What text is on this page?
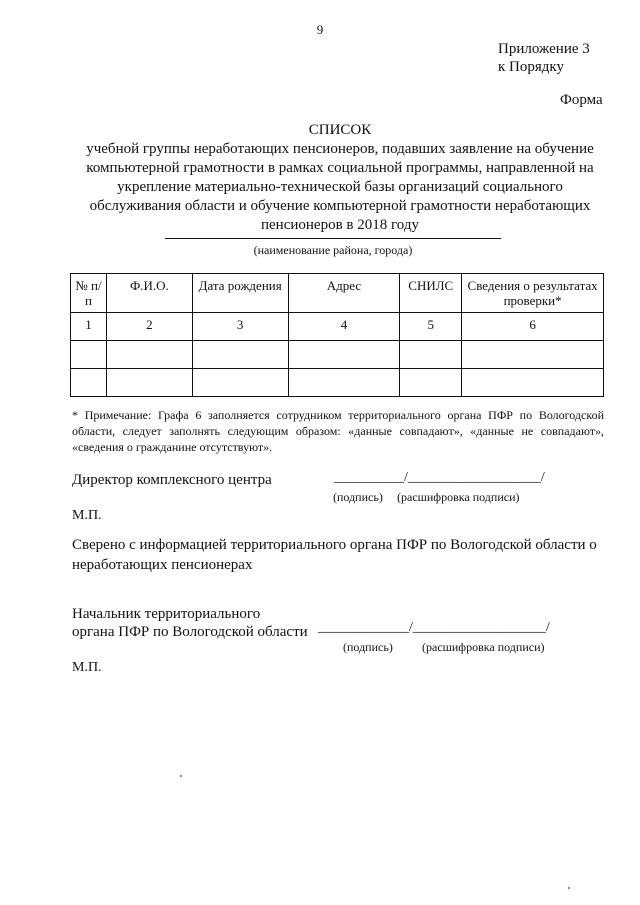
9
Приложение 3
к Порядку
Форма
СПИСОК
учебной группы неработающих пенсионеров, подавших заявление на обучение компьютерной грамотности в рамках социальной программы, направленной на укрепление материально-технической базы организаций социального обслуживания области и обучение компьютерной грамотности неработающих пенсионеров в 2018 году
(наименование района, города)
№ п/п	Ф.И.О.	Дата рождения	Адрес	СНИЛС	Сведения о результатах проверки*
1	2	3	4	5	6

* Примечание: Графа 6 заполняется сотрудником территориального органа ПФР по Вологодской области, следует заполнять следующим образом: «данные совпадают», «данные не совпадают», «сведения о гражданине отсутствуют».
Директор комплексного центра	__________/___________________/
(подпись) (расшифровка подписи)
М.П.
Сверено с информацией территориального органа ПФР по Вологодской области о неработающих пенсионерах
Начальник территориального
органа ПФР по Вологодской области _____________/___________________/
(подпись) (расшифровка подписи)
М.П.
